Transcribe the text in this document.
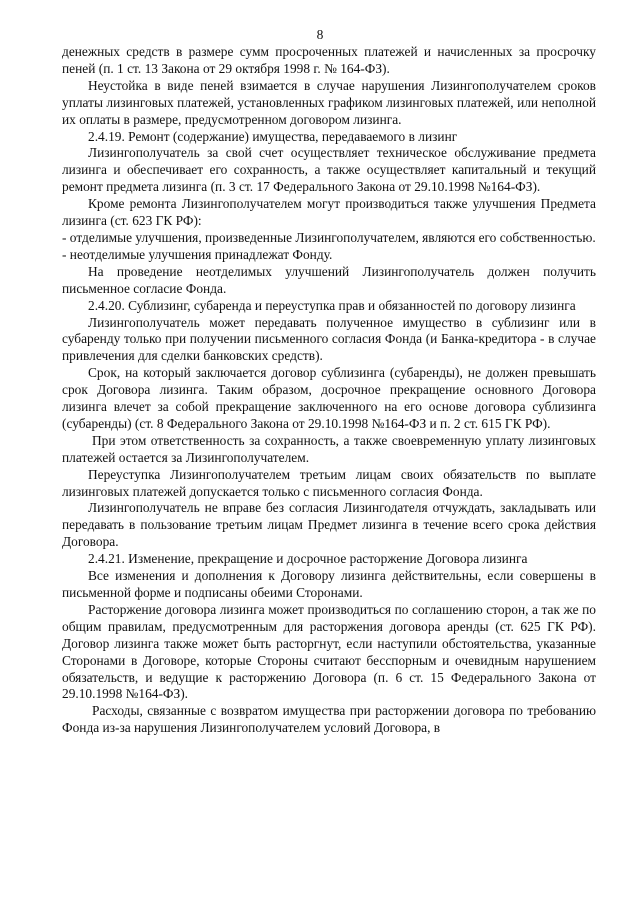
8

денежных средств в размере сумм просроченных платежей и начисленных за просрочку пеней (п. 1 ст. 13 Закона от 29 октября 1998 г. № 164-ФЗ).

Неустойка в виде пеней взимается в случае нарушения Лизингополучателем сроков уплаты лизинговых платежей, установленных графиком лизинговых платежей, или неполной их оплаты в размере, предусмотренном договором лизинга.

2.4.19. Ремонт (содержание) имущества, передаваемого в лизинг

Лизингополучатель за свой счет осуществляет техническое обслуживание предмета лизинга и обеспечивает его сохранность, а также осуществляет капитальный и текущий ремонт предмета лизинга (п. 3 ст. 17 Федерального Закона от 29.10.1998 №164-ФЗ).

Кроме ремонта Лизингополучателем могут производиться также улучшения Предмета лизинга (ст. 623 ГК РФ):

- отделимые улучшения, произведенные Лизингополучателем, являются его собственностью.

- неотделимые улучшения принадлежат Фонду.

На проведение неотделимых улучшений Лизингополучатель должен получить письменное согласие Фонда.

2.4.20. Сублизинг, субаренда и переуступка прав и обязанностей по договору лизинга

Лизингополучатель может передавать полученное имущество в сублизинг или в субаренду только при получении письменного согласия Фонда (и Банка-кредитора - в случае привлечения для сделки банковских средств).

Срок, на который заключается договор сублизинга (субаренды), не должен превышать срок Договора лизинга. Таким образом, досрочное прекращение основного Договора лизинга влечет за собой прекращение заключенного на его основе договора сублизинга (субаренды) (ст. 8 Федерального Закона от 29.10.1998 №164-ФЗ и п. 2 ст. 615 ГК РФ).

При этом ответственность за сохранность, а также своевременную уплату лизинговых платежей остается за Лизингополучателем.

Переуступка Лизингополучателем третьим лицам своих обязательств по выплате лизинговых платежей допускается только с письменного согласия Фонда.

Лизингополучатель не вправе без согласия Лизингодателя отчуждать, закладывать или передавать в пользование третьим лицам Предмет лизинга в течение всего срока действия Договора.

2.4.21. Изменение, прекращение и досрочное расторжение Договора лизинга

Все изменения и дополнения к Договору лизинга действительны, если совершены в письменной форме и подписаны обеими Сторонами.

Расторжение договора лизинга может производиться по соглашению сторон, а так же по общим правилам, предусмотренным для расторжения договора аренды (ст. 625 ГК РФ). Договор лизинга также может быть расторгнут, если наступили обстоятельства, указанные Сторонами в Договоре, которые Стороны считают бесспорным и очевидным нарушением обязательств, и ведущие к расторжению Договора (п. 6 ст. 15 Федерального Закона от 29.10.1998 №164-ФЗ).

Расходы, связанные с возвратом имущества при расторжении договора по требованию Фонда из-за нарушения Лизингополучателем условий Договора, в
